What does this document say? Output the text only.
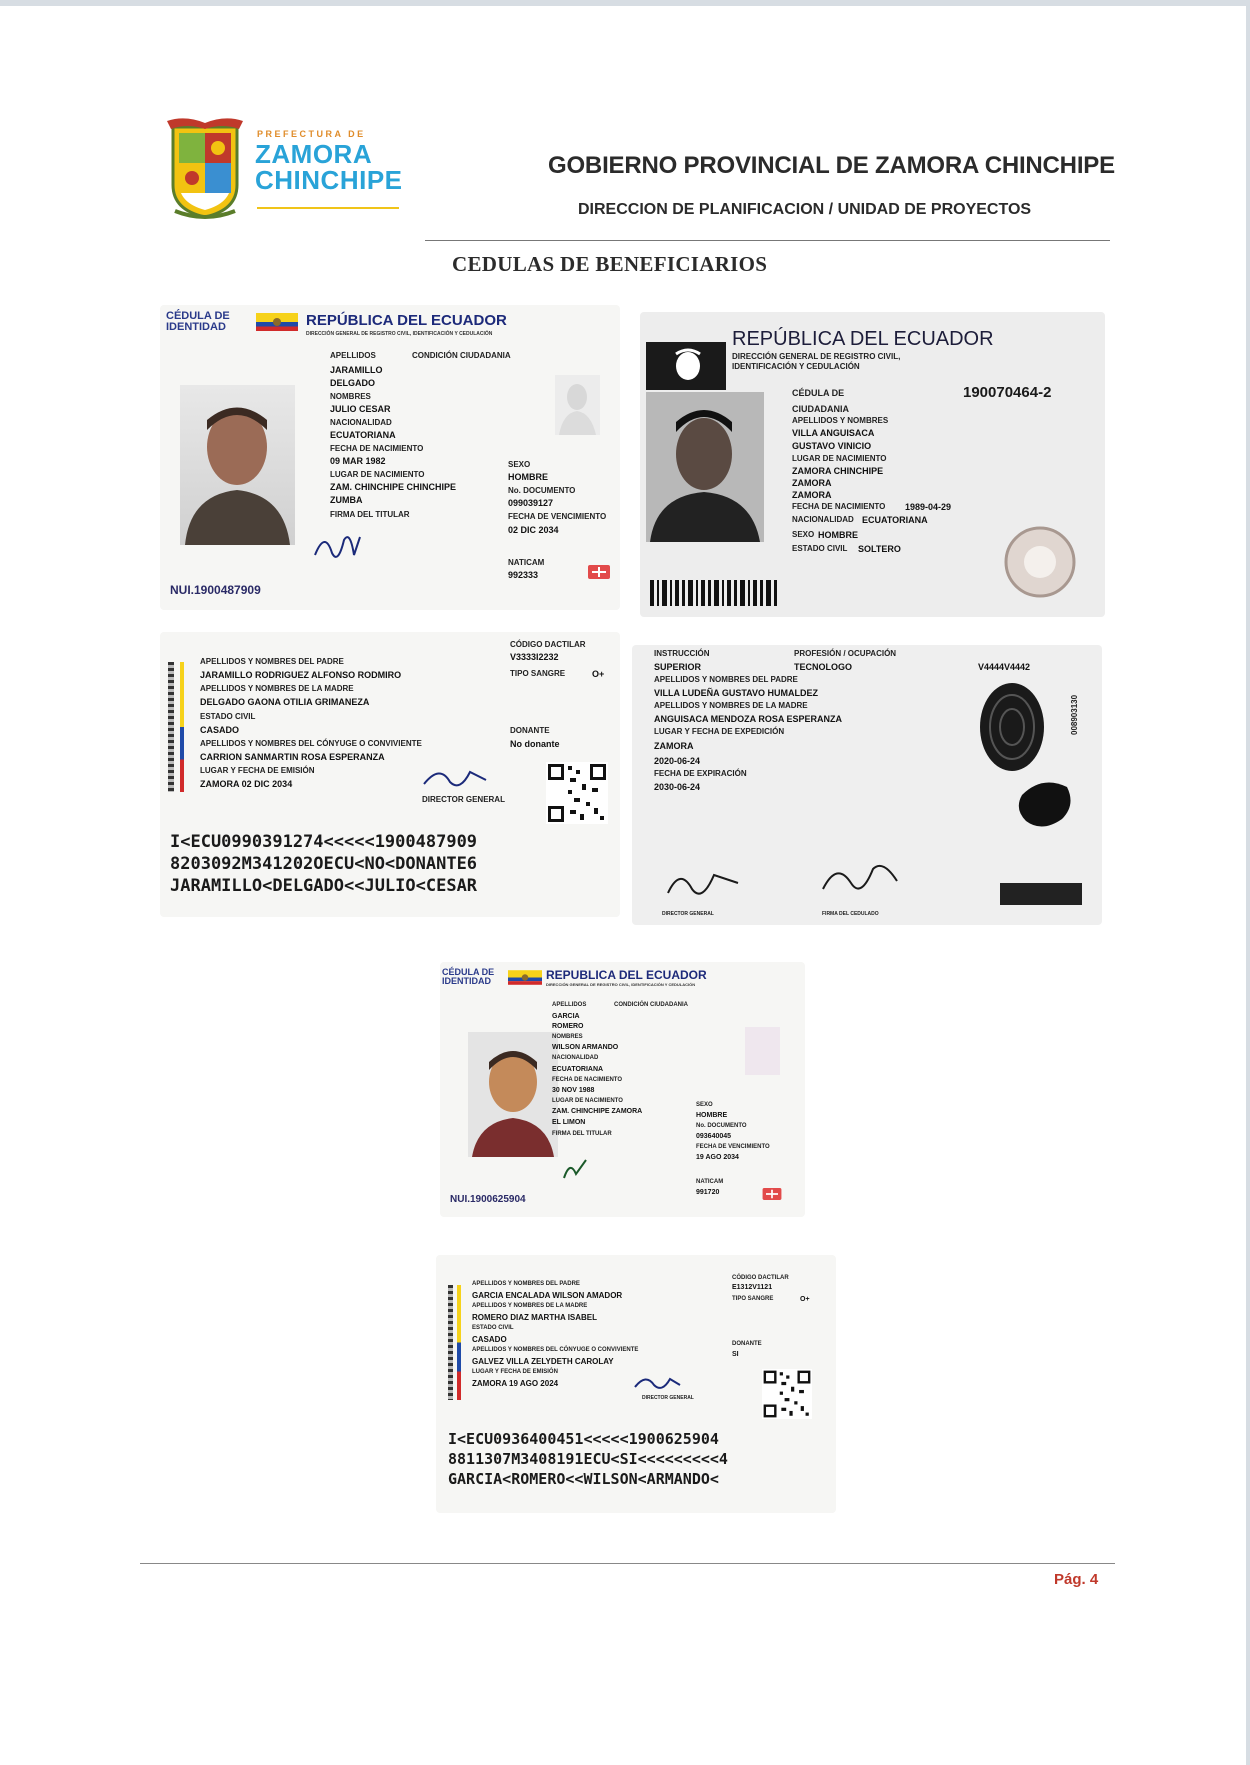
PREFECTURA DE
ZAMORA
CHINCHIPE	GOBIERNO PROVINCIAL DE ZAMORA CHINCHIPE
DIRECCION DE PLANIFICACION / UNIDAD DE PROYECTOS
CEDULAS DE BENEFICIARIOS
CÉDULA DE
IDENTIDAD	REPÚBLICA DEL ECUADOR
DIRECCIÓN GENERAL DE REGISTRO CIVIL, IDENTIFICACIÓN Y CEDULACIÓN
APELLIDOS	CONDICIÓN CIUDADANIA
JARAMILLO
DELGADO
NOMBRES
JULIO CESAR
NACIONALIDAD
ECUATORIANA
FECHA DE NACIMIENTO
09 MAR 1982
LUGAR DE NACIMIENTO
ZAM. CHINCHIPE CHINCHIPE
ZUMBA
FIRMA DEL TITULAR
SEXO
HOMBRE
No. DOCUMENTO
099039127
FECHA DE VENCIMIENTO
02 DIC 2034
NATICAM
992333
NUI.1900487909
REPÚBLICA DEL ECUADOR
DIRECCIÓN GENERAL DE REGISTRO CIVIL,
IDENTIFICACIÓN Y CEDULACIÓN
CÉDULA DE	190070464-2
CIUDADANIA
APELLIDOS Y NOMBRES
VILLA ANGUISACA
GUSTAVO VINICIO
LUGAR DE NACIMIENTO
ZAMORA CHINCHIPE
ZAMORA
ZAMORA
FECHA DE NACIMIENTO 1989-04-29
NACIONALIDAD ECUATORIANA
SEXO HOMBRE
ESTADO CIVIL SOLTERO
APELLIDOS Y NOMBRES DEL PADRE
JARAMILLO RODRIGUEZ ALFONSO RODMIRO
APELLIDOS Y NOMBRES DE LA MADRE
DELGADO GAONA OTILIA GRIMANEZA
ESTADO CIVIL
CASADO
APELLIDOS Y NOMBRES DEL CÓNYUGE O CONVIVIENTE
CARRION SANMARTIN ROSA ESPERANZA
LUGAR Y FECHA DE EMISIÓN
ZAMORA 02 DIC 2034
CÓDIGO DACTILAR
V3333I2232
TIPO SANGRE	O+
DONANTE
No donante
DIRECTOR GENERAL
I<ECU0990391274<<<<<1900487909
8203092M341202OECU<NO<DONANTE6
JARAMILLO<DELGADO<<JULIO<CESAR
INSTRUCCIÓN	PROFESIÓN / OCUPACIÓN
SUPERIOR	TECNOLOGO	V4444V4442
APELLIDOS Y NOMBRES DEL PADRE
VILLA LUDEÑA GUSTAVO HUMALDEZ
APELLIDOS Y NOMBRES DE LA MADRE
ANGUISACA MENDOZA ROSA ESPERANZA
LUGAR Y FECHA DE EXPEDICIÓN
ZAMORA
2020-06-24
FECHA DE EXPIRACIÓN
2030-06-24
008903130
DIRECTOR GENERAL	FIRMA DEL CEDULADO
CÉDULA DE
IDENTIDAD	REPUBLICA DEL ECUADOR
DIRECCIÓN GENERAL DE REGISTRO CIVIL, IDENTIFICACIÓN Y CEDULACIÓN
APELLIDOS	CONDICIÓN CIUDADANIA
GARCIA
ROMERO
NOMBRES
WILSON ARMANDO
NACIONALIDAD
ECUATORIANA
FECHA DE NACIMIENTO
30 NOV 1988
LUGAR DE NACIMIENTO
ZAM. CHINCHIPE ZAMORA
EL LIMON
FIRMA DEL TITULAR
SEXO
HOMBRE
No. DOCUMENTO
093640045
FECHA DE VENCIMIENTO
19 AGO 2034
NATICAM
991720
NUI.1900625904
APELLIDOS Y NOMBRES DEL PADRE
GARCIA ENCALADA WILSON AMADOR
APELLIDOS Y NOMBRES DE LA MADRE
ROMERO DIAZ MARTHA ISABEL
ESTADO CIVIL
CASADO
APELLIDOS Y NOMBRES DEL CÓNYUGE O CONVIVIENTE
GALVEZ VILLA ZELYDETH CAROLAY
LUGAR Y FECHA DE EMISIÓN
ZAMORA 19 AGO 2024
CÓDIGO DACTILAR
E1312V1121
TIPO SANGRE	O+
DONANTE
SI
DIRECTOR GENERAL
I<ECU0936400451<<<<<1900625904
8811307M3408191ECU<SI<<<<<<<<<4
GARCIA<ROMERO<<WILSON<ARMANDO<
Pág. 4
